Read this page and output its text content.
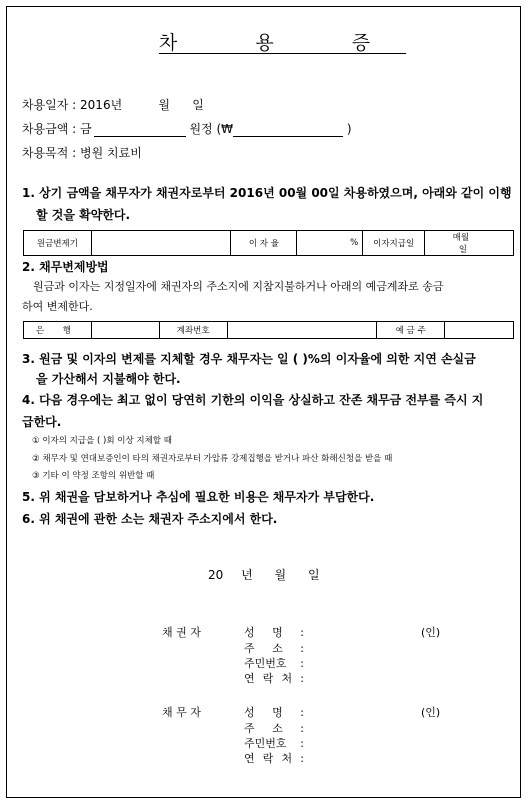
차 용 증
차용일자 : 2016년	월 일
차용금액 : 금	원정 (₩	)
차용목적 : 병원 치료비
1. 상기 금액을 채무자가 채권자로부터 2016년 00월 00일 차용하였으며, 아래와 같이 이행
할 것을 확약한다.
원금변제기		이 자 율	%	이자지급일	매월 일
2. 채무변제방법
원금과 이자는 지정일자에 채권자의 주소지에 지참지불하거나 아래의 예금계좌로 송금
하여 변제한다.
은 행		계좌번호		예 금 주	
3. 원금 및 이자의 변제를 지체할 경우 채무자는 일 ( )%의 이자율에 의한 지연 손실금
을 가산해서 지불해야 한다.
4. 다음 경우에는 최고 없이 당연히 기한의 이익을 상실하고 잔존 채무금 전부를 즉시 지
급한다.
① 이자의 지급을 ( )회 이상 지체할 때
② 채무자 및 연대보증인이 타의 채권자로부터 가압류 강제집행을 받거나 파산 화해신청을 받을 때
③ 기타 이 약정 조항의 위반할 때
5. 위 채권을 담보하거나 추심에 필요한 비용은 채무자가 부담한다.
6. 위 채권에 관한 소는 채권자 주소지에서 한다.
20 년 월 일
채 권 자	성 명 :
주 소 :
주민번호 :
연 락 처 :
(인)
채 무 자	성 명 :
주 소 :
주민번호 :
연 락 처 :
(인)
